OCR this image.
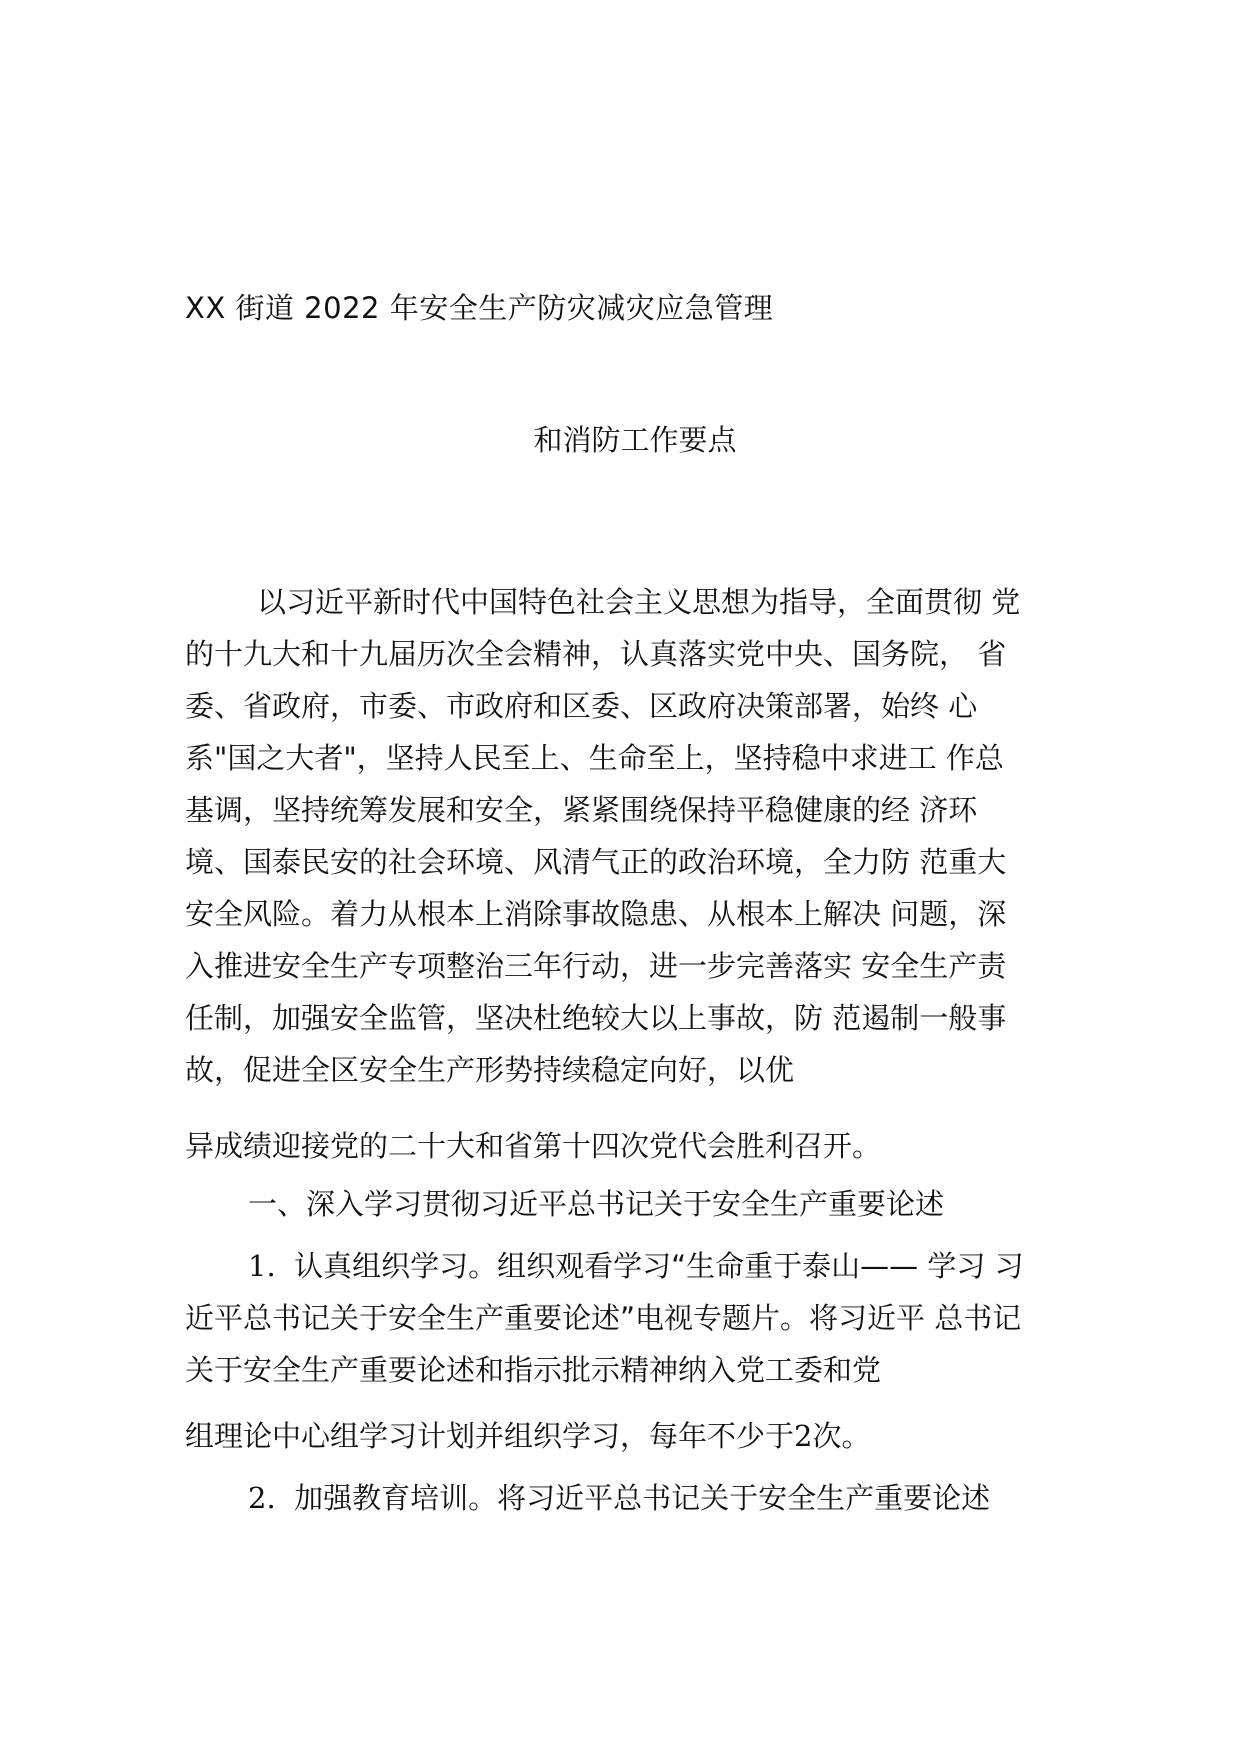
XX 街道 2022 年安全生产防灾减灾应急管理
和消防工作要点
以习近平新时代中国特色社会主义思想为指导，全面贯彻 党
的十九大和十九届历次全会精神，认真落实党中央、国务院， 省
委、省政府，市委、市政府和区委、区政府决策部署，始终 心
系"国之大者"，坚持人民至上、生命至上，坚持稳中求进工 作总
基调，坚持统筹发展和安全，紧紧围绕保持平稳健康的经 济环
境、国泰民安的社会环境、风清气正的政治环境，全力防 范重大
安全风险。着力从根本上消除事故隐患、从根本上解决 问题，深
入推进安全生产专项整治三年行动，进一步完善落实 安全生产责
任制，加强安全监管，坚决杜绝较大以上事故，防 范遏制一般事
故，促进全区安全生产形势持续稳定向好，以优
异成绩迎接党的二十大和省第十四次党代会胜利召开。
一、深入学习贯彻习近平总书记关于安全生产重要论述
1. 认真组织学习。组织观看学习“生命重于泰山—— 学习 习
近平总书记关于安全生产重要论述”电视专题片。将习近平 总书记
关于安全生产重要论述和指示批示精神纳入党工委和党
组理论中心组学习计划并组织学习，每年不少于2次。
2. 加强教育培训。将习近平总书记关于安全生产重要论述
